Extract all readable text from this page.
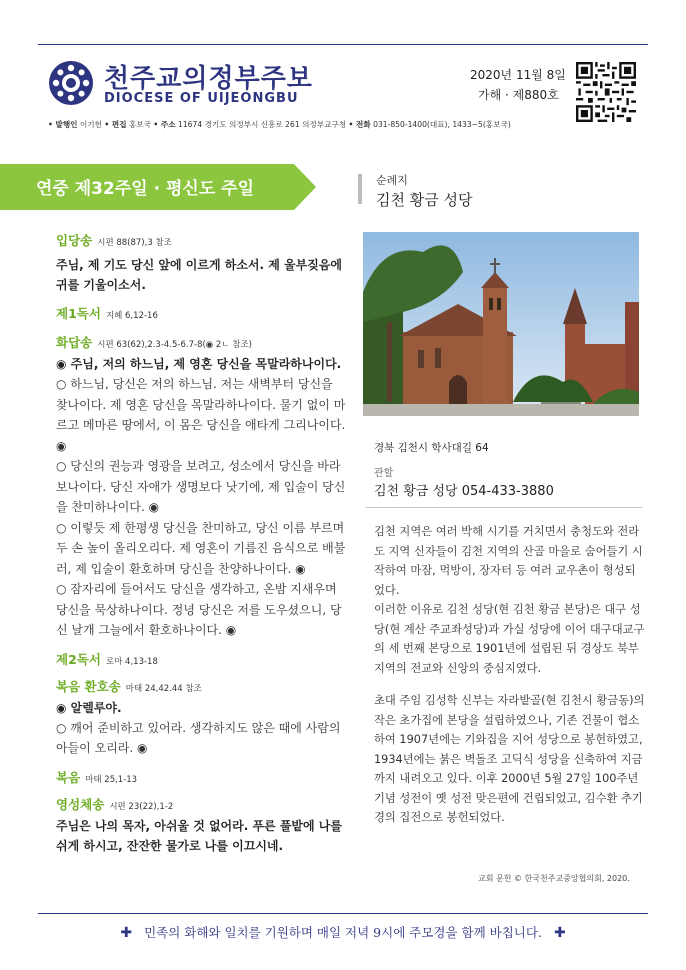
천주교의정부주보
DIOCESE OF UIJEONGBU
2020년 11월 8일
가해 · 제880호
• 발행인 이기헌 • 편집 홍보국 • 주소 11674 경기도 의정부시 신흥로 261 의정부교구청 • 전화 031-850-1400(대표), 1433~5(홍보국)
연중 제32주일 · 평신도 주일
입당송 시편 88(87),3 참조
주님, 제 기도 당신 앞에 이르게 하소서. 제 울부짖음에 귀를 기울이소서.
제1독서 지혜 6,12-16
화답송 시편 63(62),2.3-4.5-6.7-8(◉ 2ㄴ 참조)
◉ 주님, 저의 하느님, 제 영혼 당신을 목말라하나이다.
○ 하느님, 당신은 저의 하느님. 저는 새벽부터 당신을 찾나이다. 제 영혼 당신을 목말라하나이다. 물기 없이 마르고 메마른 땅에서, 이 몸은 당신을 애타게 그리나이다. ◉
○ 당신의 권능과 영광을 보려고, 성소에서 당신을 바라보나이다. 당신 자애가 생명보다 낫기에, 제 입술이 당신을 찬미하나이다. ◉
○ 이렇듯 제 한평생 당신을 찬미하고, 당신 이름 부르며 두 손 높이 올리오리다. 제 영혼이 기름진 음식으로 배불러, 제 입술이 환호하며 당신을 찬양하나이다. ◉
○ 잠자리에 들어서도 당신을 생각하고, 온밤 지새우며 당신을 묵상하나이다. 정녕 당신은 저를 도우셨으니, 당신 날개 그늘에서 환호하나이다. ◉
제2독서 로마 4,13-18
복음 환호송 마태 24,42.44 참조
◉ 알렐루야.
○ 깨어 준비하고 있어라. 생각하지도 않은 때에 사람의 아들이 오리라. ◉
복음 마태 25,1-13
영성체송 시편 23(22),1-2
주님은 나의 목자, 아쉬울 것 없어라. 푸른 풀밭에 나를 쉬게 하시고, 잔잔한 물가로 나를 이끄시네.
순례지
김천 황금 성당
경북 김천시 학사대길 64
관할
김천 황금 성당 054-433-3880

김천 지역은 여러 박해 시기를 거치면서 충청도와 전라도 지역 신자들이 김천 지역의 산골 마을로 숨어들기 시작하여 마잠, 먹방이, 장자터 등 여러 교우촌이 형성되었다.
이러한 이유로 김천 성당(현 김천 황금 본당)은 대구 성당(현 계산 주교좌성당)과 가실 성당에 이어 대구대교구의 세 번째 본당으로 1901년에 설립된 뒤 경상도 북부 지역의 전교와 신앙의 중심지였다.

초대 주임 김성학 신부는 자라밭골(현 김천시 황금동)의 작은 초가집에 본당을 설립하였으나, 기존 건물이 협소하여 1907년에는 기와집을 지어 성당으로 봉헌하였고, 1934년에는 붉은 벽돌조 고딕식 성당을 신축하여 지금까지 내려오고 있다. 이후 2000년 5월 27일 100주년 기념 성전이 옛 성전 맞은편에 건립되었고, 김수환 추기경의 집전으로 봉헌되었다.

교회 문헌 © 한국천주교중앙협의회, 2020.
✚ 민족의 화해와 일치를 기원하며 매일 저녁 9시에 주모경을 함께 바칩니다. ✚
